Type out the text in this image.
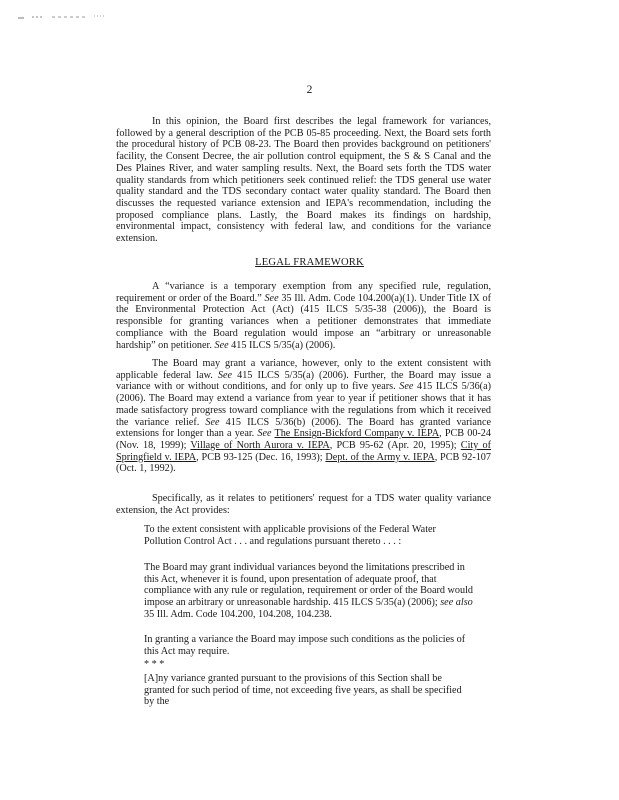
2

In this opinion, the Board first describes the legal framework for variances, followed by a general description of the PCB 05-85 proceeding. Next, the Board sets forth the procedural history of PCB 08-23. The Board then provides background on petitioners' facility, the Consent Decree, the air pollution control equipment, the S & S Canal and the Des Plaines River, and water sampling results. Next, the Board sets forth the TDS water quality standards from which petitioners seek continued relief: the TDS general use water quality standard and the TDS secondary contact water quality standard. The Board then discusses the requested variance extension and IEPA's recommendation, including the proposed compliance plans. Lastly, the Board makes its findings on hardship, environmental impact, consistency with federal law, and conditions for the variance extension.

LEGAL FRAMEWORK

A “variance is a temporary exemption from any specified rule, regulation, requirement or order of the Board.” See 35 Ill. Adm. Code 104.200(a)(1). Under Title IX of the Environmental Protection Act (Act) (415 ILCS 5/35-38 (2006)), the Board is responsible for granting variances when a petitioner demonstrates that immediate compliance with the Board regulation would impose an “arbitrary or unreasonable hardship” on petitioner. See 415 ILCS 5/35(a) (2006).

The Board may grant a variance, however, only to the extent consistent with applicable federal law. See 415 ILCS 5/35(a) (2006). Further, the Board may issue a variance with or without conditions, and for only up to five years. See 415 ILCS 5/36(a) (2006). The Board may extend a variance from year to year if petitioner shows that it has made satisfactory progress toward compliance with the regulations from which it received the variance relief. See 415 ILCS 5/36(b) (2006). The Board has granted variance extensions for longer than a year. See The Ensign-Bickford Company v. IEPA, PCB 00-24 (Nov. 18, 1999); Village of North Aurora v. IEPA, PCB 95-62 (Apr. 20, 1995); City of Springfield v. IEPA, PCB 93-125 (Dec. 16, 1993); Dept. of the Army v. IEPA, PCB 92-107 (Oct. 1, 1992).

Specifically, as it relates to petitioners' request for a TDS water quality variance extension, the Act provides:

To the extent consistent with applicable provisions of the Federal Water Pollution Control Act . . . and regulations pursuant thereto . . . :

The Board may grant individual variances beyond the limitations prescribed in this Act, whenever it is found, upon presentation of adequate proof, that compliance with any rule or regulation, requirement or order of the Board would impose an arbitrary or unreasonable hardship. 415 ILCS 5/35(a) (2006); see also 35 Ill. Adm. Code 104.200, 104.208, 104.238.

In granting a variance the Board may impose such conditions as the policies of this Act may require.

* * *

[A]ny variance granted pursuant to the provisions of this Section shall be granted for such period of time, not exceeding five years, as shall be specified by the
